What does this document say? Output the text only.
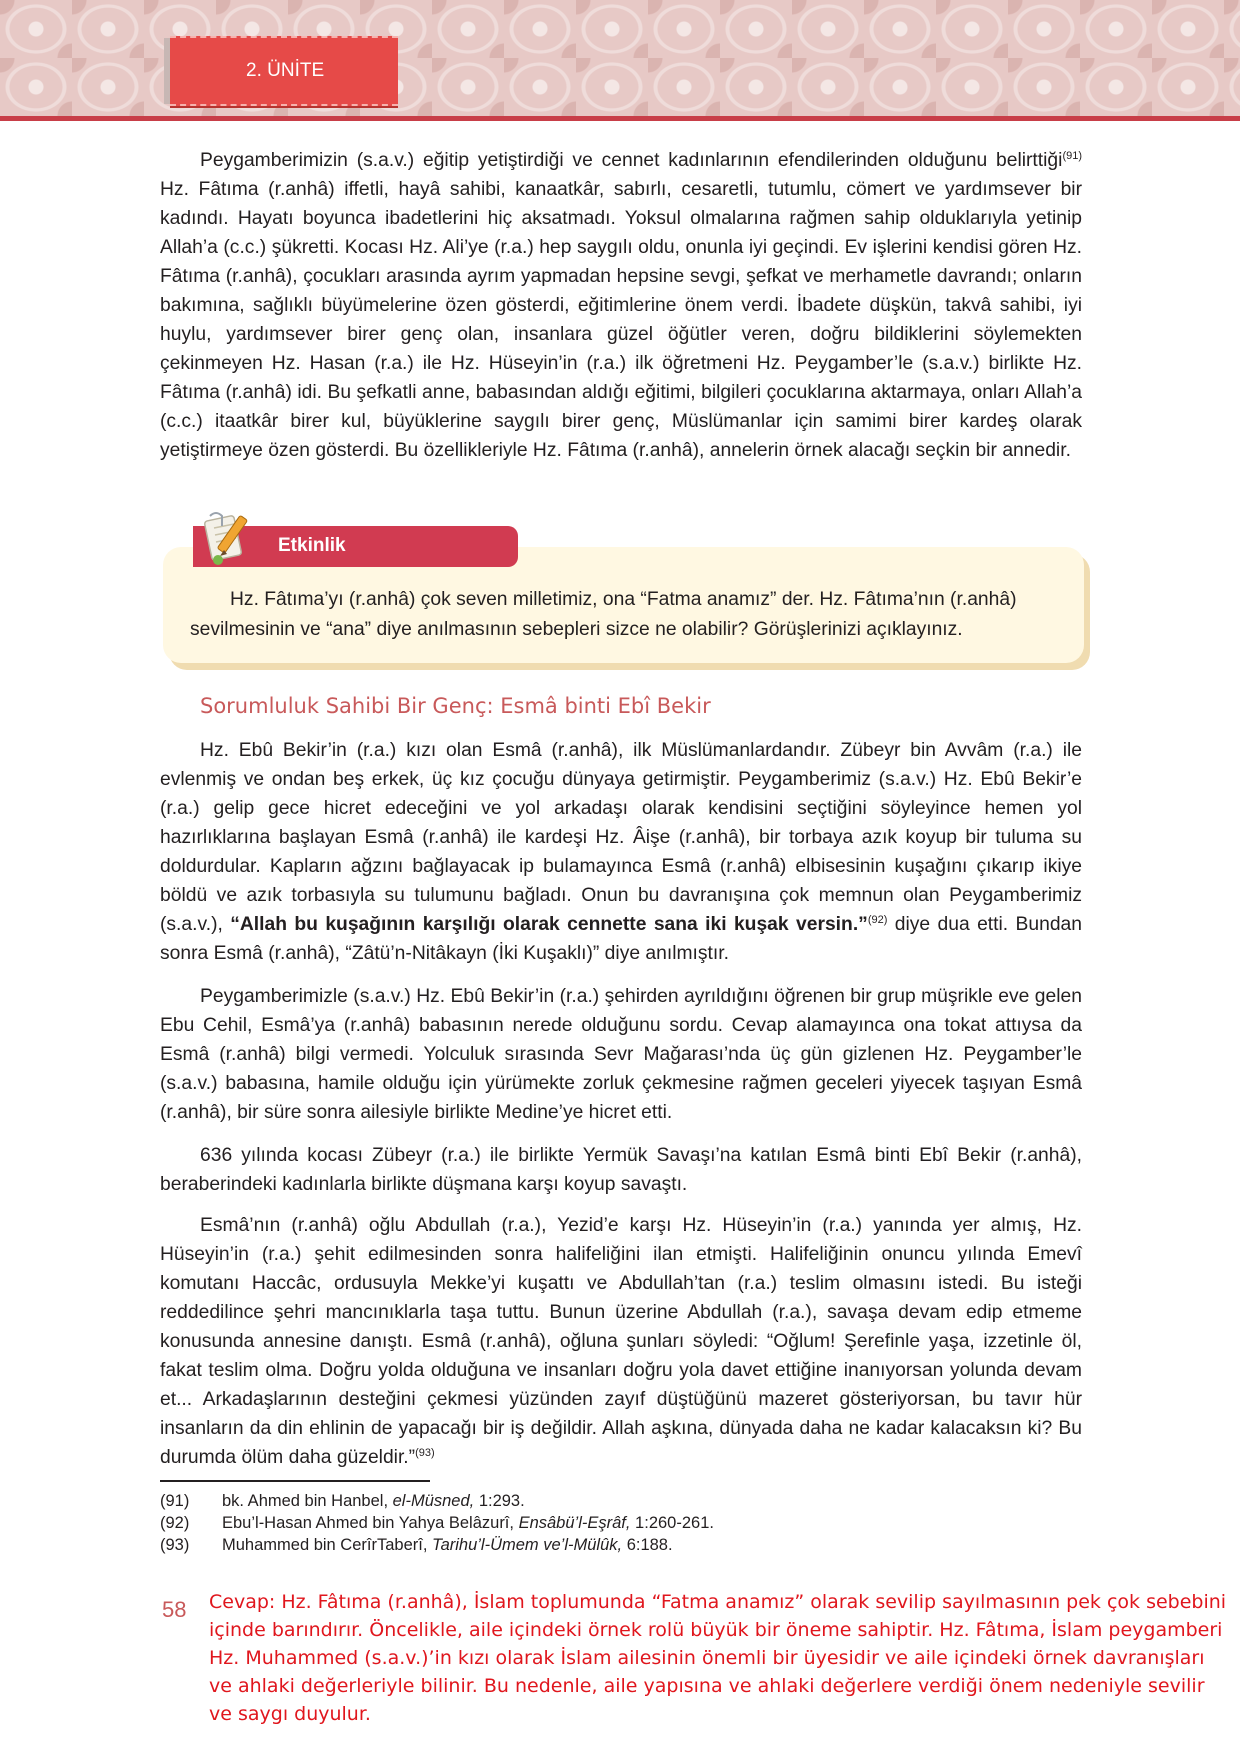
2. ÜNİTE

Peygamberimizin (s.a.v.) eğitip yetiştirdiği ve cennet kadınlarının efendilerinden olduğunu belirttiği$^{(91)}$ Hz. Fâtıma (r.anhâ) iffetli, hayâ sahibi, kanaatkâr, sabırlı, cesaretli, tutumlu, cömert ve yardımsever bir kadındı. Hayatı boyunca ibadetlerini hiç aksatmadı. Yoksul olmalarına rağmen sahip olduklarıyla yetinip Allah’a (c.c.) şükretti. Kocası Hz. Ali’ye (r.a.) hep saygılı oldu, onunla iyi geçindi. Ev işlerini kendisi gören Hz. Fâtıma (r.anhâ), çocukları arasında ayrım yapmadan hepsine sevgi, şefkat ve merhametle davrandı; onların bakımına, sağlıklı büyümelerine özen gösterdi, eğitimlerine önem verdi. İbadete düşkün, takvâ sahibi, iyi huylu, yardımsever birer genç olan, insanlara güzel öğütler veren, doğru bildiklerini söylemekten çekinmeyen Hz. Hasan (r.a.) ile Hz. Hüseyin’in (r.a.) ilk öğretmeni Hz. Peygamber’le (s.a.v.) birlikte Hz. Fâtıma (r.anhâ) idi. Bu şefkatli anne, babasından aldığı eğitimi, bilgileri çocuklarına aktarmaya, onları Allah’a (c.c.) itaatkâr birer kul, büyüklerine saygılı birer genç, Müslümanlar için samimi birer kardeş olarak yetiştirmeye özen gösterdi. Bu özellikleriyle Hz. Fâtıma (r.anhâ), annelerin örnek alacağı seçkin bir annedir.

Etkinlik

Hz. Fâtıma’yı (r.anhâ) çok seven milletimiz, ona “Fatma anamız” der. Hz. Fâtıma’nın (r.anhâ) sevilmesinin ve “ana” diye anılmasının sebepleri sizce ne olabilir? Görüşlerinizi açıklayınız.

Sorumluluk Sahibi Bir Genç: Esmâ binti Ebî Bekir

Hz. Ebû Bekir’in (r.a.) kızı olan Esmâ (r.anhâ), ilk Müslümanlardandır. Zübeyr bin Avvâm (r.a.) ile evlenmiş ve ondan beş erkek, üç kız çocuğu dünyaya getirmiştir. Peygamberimiz (s.a.v.) Hz. Ebû Bekir’e (r.a.) gelip gece hicret edeceğini ve yol arkadaşı olarak kendisini seçtiğini söyleyince hemen yol hazırlıklarına başlayan Esmâ (r.anhâ) ile kardeşi Hz. Âişe (r.anhâ), bir torbaya azık koyup bir tuluma su doldurdular. Kapların ağzını bağlayacak ip bulamayınca Esmâ (r.anhâ) elbisesinin kuşağını çıkarıp ikiye böldü ve azık torbasıyla su tulumunu bağladı. Onun bu davranışına çok memnun olan Peygamberimiz (s.a.v.), “Allah bu kuşağının karşılığı olarak cennette sana iki kuşak versin.”$^{(92)}$ diye dua etti. Bundan sonra Esmâ (r.anhâ), “Zâtü’n-Nitâkayn (İki Kuşaklı)” diye anılmıştır.

Peygamberimizle (s.a.v.) Hz. Ebû Bekir’in (r.a.) şehirden ayrıldığını öğrenen bir grup müşrikle eve gelen Ebu Cehil, Esmâ’ya (r.anhâ) babasının nerede olduğunu sordu. Cevap alamayınca ona tokat attıysa da Esmâ (r.anhâ) bilgi vermedi. Yolculuk sırasında Sevr Mağarası’nda üç gün gizlenen Hz. Peygamber’le (s.a.v.) babasına, hamile olduğu için yürümekte zorluk çekmesine rağmen geceleri yiyecek taşıyan Esmâ (r.anhâ), bir süre sonra ailesiyle birlikte Medine’ye hicret etti.

636 yılında kocası Zübeyr (r.a.) ile birlikte Yermük Savaşı’na katılan Esmâ binti Ebî Bekir (r.anhâ), beraberindeki kadınlarla birlikte düşmana karşı koyup savaştı.

Esmâ’nın (r.anhâ) oğlu Abdullah (r.a.), Yezid’e karşı Hz. Hüseyin’in (r.a.) yanında yer almış, Hz. Hüseyin’in (r.a.) şehit edilmesinden sonra halifeliğini ilan etmişti. Halifeliğinin onuncu yılında Emevî komutanı Haccâc, ordusuyla Mekke’yi kuşattı ve Abdullah’tan (r.a.) teslim olmasını istedi. Bu isteği reddedilince şehri mancınıklarla taşa tuttu. Bunun üzerine Abdullah (r.a.), savaşa devam edip etmeme konusunda annesine danıştı. Esmâ (r.anhâ), oğluna şunları söyledi: “Oğlum! Şerefinle yaşa, izzetinle öl, fakat teslim olma. Doğru yolda olduğuna ve insanları doğru yola davet ettiğine inanıyorsan yolunda devam et... Arkadaşlarının desteğini çekmesi yüzünden zayıf düştüğünü mazeret gösteriyorsan, bu tavır hür insanların da din ehlinin de yapacağı bir iş değildir. Allah aşkına, dünyada daha ne kadar kalacaksın ki? Bu durumda ölüm daha güzeldir.”$^{(93)}$

(91)	bk. Ahmed bin Hanbel, el-Müsned, 1:293.
(92)	Ebu’l-Hasan Ahmed bin Yahya Belâzurî, Ensâbü’l-Eşrâf, 1:260-261.
(93)	Muhammed bin CerîrTaberî, Tarihu’l-Ümem ve’l-Mülûk, 6:188.
58 Cevap: Hz. Fâtıma (r.anhâ), İslam toplumunda “Fatma anamız” olarak sevilip sayılmasının pek çok sebebini içinde barındırır. Öncelikle, aile içindeki örnek rolü büyük bir öneme sahiptir. Hz. Fâtıma, İslam peygamberi Hz. Muhammed (s.a.v.)’in kızı olarak İslam ailesinin önemli bir üyesidir ve aile içindeki örnek davranışları ve ahlaki değerleriyle bilinir. Bu nedenle, aile yapısına ve ahlaki değerlere verdiği önem nedeniyle sevilir ve saygı duyulur.
